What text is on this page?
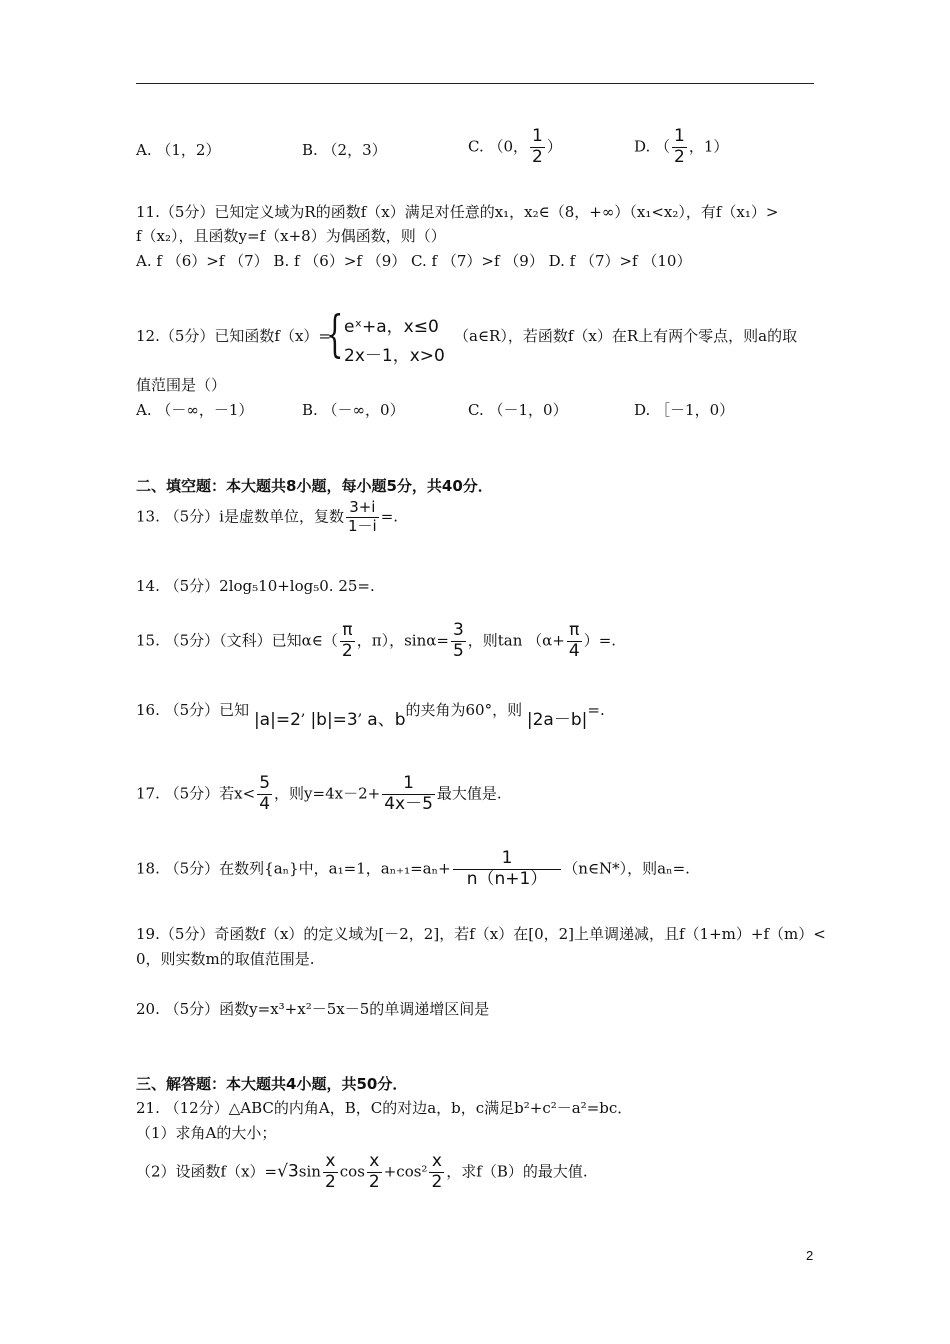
A. （1，2）	B. （2，3）	C. （0， $\frac{1}{2}$ ）	D. （ $\frac{1}{2}$ ，1）
11.（5分）已知定义域为R的函数f（x）满足对任意的x₁，x₂∈（8，+∞）（x₁<x₂），有f（x₁）>
f（x₂），且函数y=f（x+8）为偶函数，则（）
A. f （6）>f （7） B. f （6）>f （9） C. f （7）>f （9） D. f （7）>f （10）
12.（5分）已知函数f（x）=
{ eˣ+a，x≤0
2x－1，x>0
（a∈R），若函数f（x）在R上有两个零点，则a的取
值范围是（）
A. （－∞，－1）	B. （－∞，0）	C. （－1，0）	D. ［－1，0）
二、填空题：本大题共8小题，每小题5分，共40分．
13. （5分）i是虚数单位，复数 $\frac{3+i}{1-i}$ =.
14. （5分）2log₅10+log₅0. 25=.
15. （5分）（文科）已知α∈（ $\frac{\pi}{2}$ ，π），$\sin\alpha= \frac{3}{5}$ ，则$\tan (\alpha+ \frac{\pi}{4}$ ）=.
16. （5分）已知 |a|=2, |b|=3, a、b的夹角为60°，则 |2a－b|=.
17. （5分）若$x< \frac{5}{4}$ ，则$y=4x-2+ \frac{1}{4x-5}$ 最大值是.
18. （5分）在数列{aₙ}中，a₁=1，$a_{n+1}=a_n+ \frac{1}{n(n+1)}$ （n∈N*），则aₙ=.
19.（5分）奇函数f（x）的定义域为[－2，2]，若f（x）在[0，2]上单调递减，且f（1+m）+f（m）<
0，则实数m的取值范围是.
20. （5分）函数y=x³+x²－5x－5的单调递增区间是
三、解答题：本大题共4小题，共50分．
21. （12分）△ABC的内角A，B，C的对边a，b，c满足b²+c²－a²=bc．
（1）求角A的大小；
（2）设函数$f(x)=√3\sin \frac{x}{2}$ $\cos \frac{x}{2} +\cos^2 \frac{x}{2}$ ，求f（B）的最大值.
2
